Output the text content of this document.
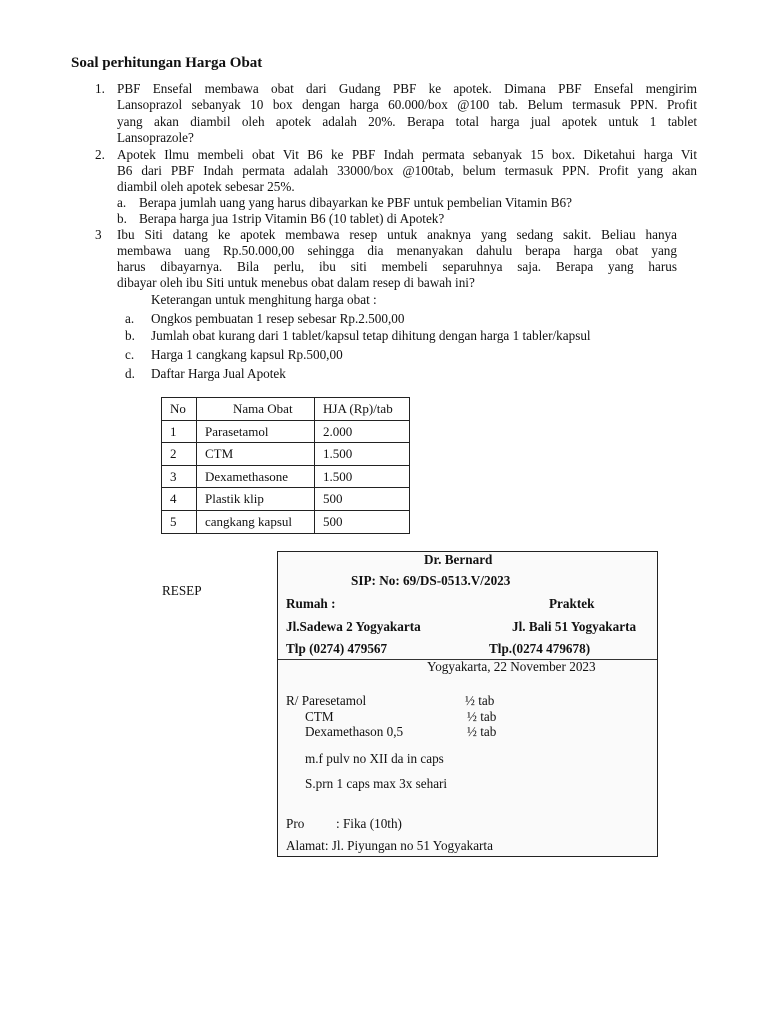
Soal perhitungan Harga Obat
1. PBF Ensefal membawa obat dari Gudang PBF ke apotek. Dimana PBF Ensefal mengirim
Lansoprazol sebanyak 10 box dengan harga 60.000/box @100 tab. Belum termasuk PPN. Profit
yang akan diambil oleh apotek adalah 20%. Berapa total harga jual apotek untuk 1 tablet
Lansoprazole?
2. Apotek Ilmu membeli obat Vit B6 ke PBF Indah permata sebanyak 15 box. Diketahui harga Vit
B6 dari PBF Indah permata adalah 33000/box @100tab, belum termasuk PPN. Profit yang akan
diambil oleh apotek sebesar 25%.
a. Berapa jumlah uang yang harus dibayarkan ke PBF untuk pembelian Vitamin B6?
b. Berapa harga jua 1strip Vitamin B6 (10 tablet) di Apotek?
3 Ibu Siti datang ke apotek membawa resep untuk anaknya yang sedang sakit. Beliau hanya
membawa uang Rp.50.000,00 sehingga dia menanyakan dahulu berapa harga obat yang
harus dibayarnya. Bila perlu, ibu siti membeli separuhnya saja. Berapa yang harus
dibayar oleh ibu Siti untuk menebus obat dalam resep di bawah ini?
Keterangan untuk menghitung harga obat :
a. Ongkos pembuatan 1 resep sebesar Rp.2.500,00
b. Jumlah obat kurang dari 1 tablet/kapsul tetap dihitung dengan harga 1 tabler/kapsul
c. Harga 1 cangkang kapsul Rp.500,00
d. Daftar Harga Jual Apotek
No	Nama Obat	HJA (Rp)/tab
1	Parasetamol	2.000
2	CTM	1.500
3	Dexamethasone	1.500
4	Plastik klip	500
5	cangkang kapsul	500
RESEP
Dr. Bernard
SIP: No: 69/DS-0513.V/2023
Rumah :	Praktek
Jl.Sadewa 2 Yogyakarta	Jl. Bali 51 Yogyakarta
Tlp (0274) 479567	Tlp.(0274 479678)
Yogyakarta, 22 November 2023
R/ Paresetamol	½ tab
CTM	½ tab
Dexamethason 0,5	½ tab
m.f pulv no XII da in caps
S.prn 1 caps max 3x sehari
Pro : Fika (10th)
Alamat: Jl. Piyungan no 51 Yogyakarta
